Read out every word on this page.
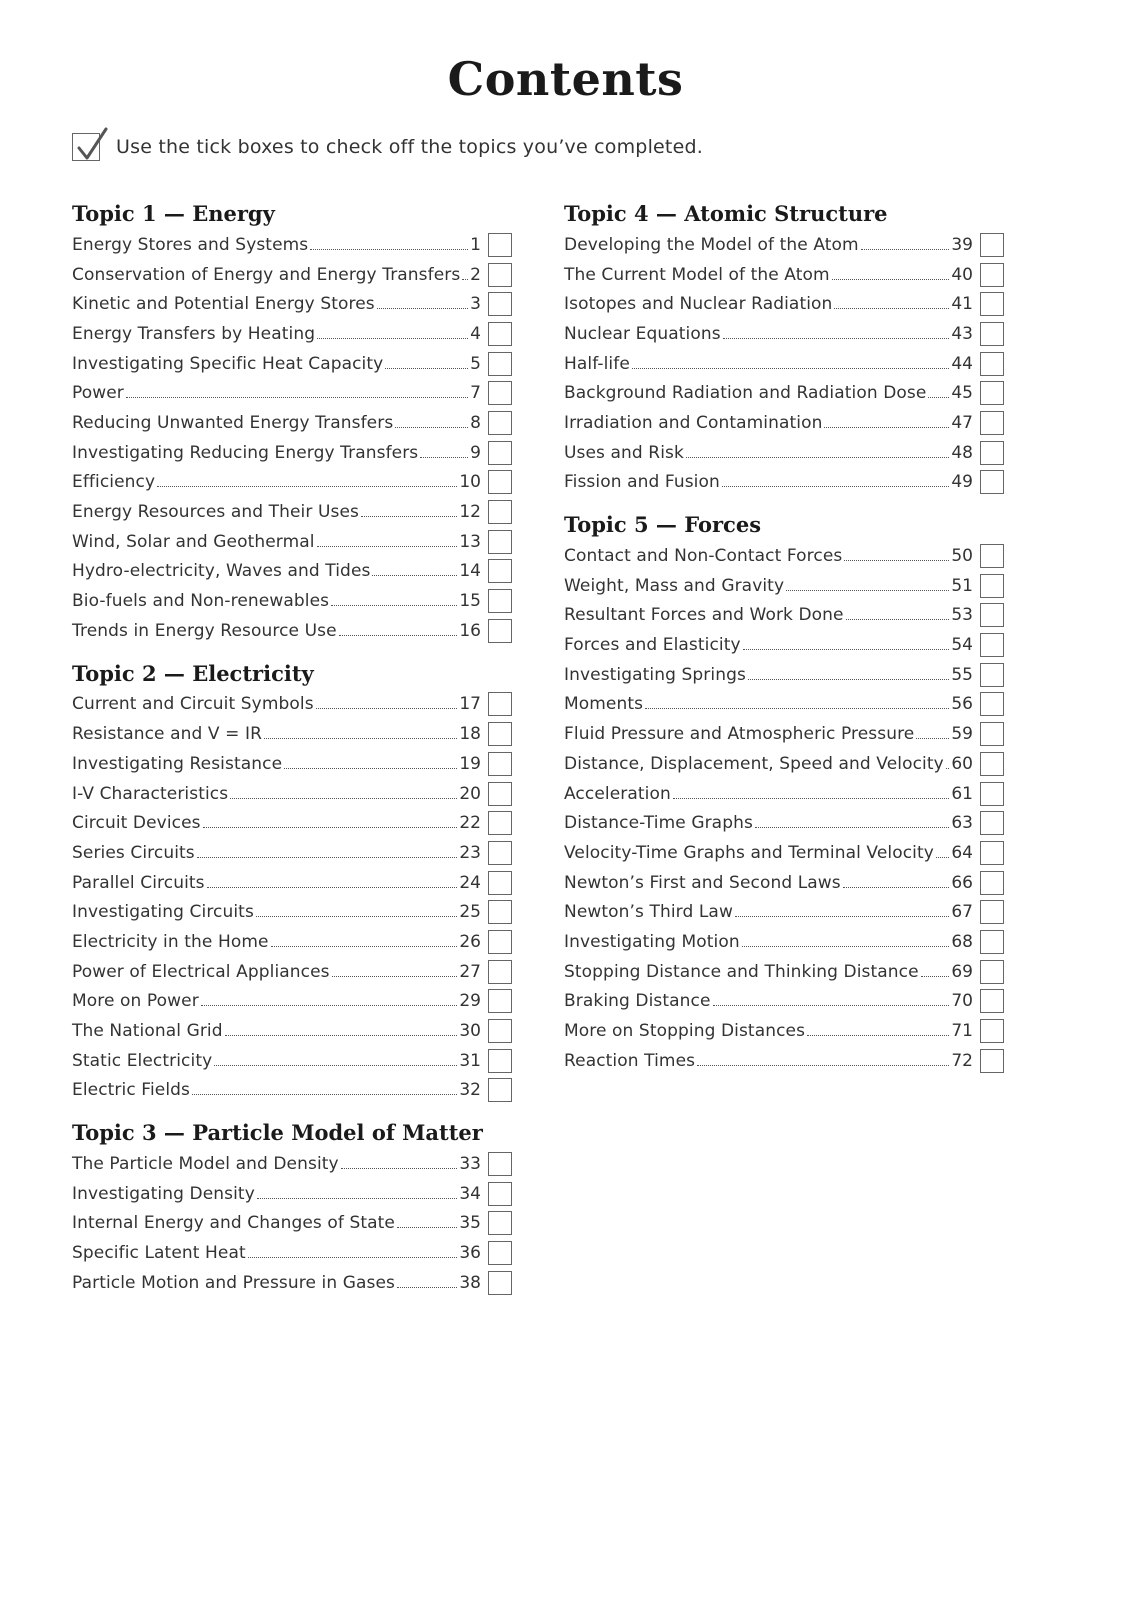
Contents
Use the tick boxes to check off the topics you’ve completed.
Topic 1 — Energy
Energy Stores and Systems	1
Conservation of Energy and Energy Transfers 2
Kinetic and Potential Energy Stores	3
Energy Transfers by Heating	4
Investigating Specific Heat Capacity	5
Power	7
Reducing Unwanted Energy Transfers	8
Investigating Reducing Energy Transfers	9
Efficiency	10
Energy Resources and Their Uses	12
Wind, Solar and Geothermal	13
Hydro-electricity, Waves and Tides	14
Bio-fuels and Non-renewables	15
Trends in Energy Resource Use	16
Topic 2 — Electricity
Current and Circuit Symbols	17
Resistance and V = IR	18
Investigating Resistance	19
I-V Characteristics	20
Circuit Devices	22
Series Circuits	23
Parallel Circuits	24
Investigating Circuits	25
Electricity in the Home	26
Power of Electrical Appliances	27
More on Power	29
The National Grid	30
Static Electricity	31
Electric Fields	32
Topic 3 — Particle Model of Matter
The Particle Model and Density	33
Investigating Density	34
Internal Energy and Changes of State	35
Specific Latent Heat	36
Particle Motion and Pressure in Gases	38
Topic 4 — Atomic Structure
Developing the Model of the Atom	39
The Current Model of the Atom	40
Isotopes and Nuclear Radiation	41
Nuclear Equations	43
Half-life	44
Background Radiation and Radiation Dose 45
Irradiation and Contamination	47
Uses and Risk	48
Fission and Fusion	49
Topic 5 — Forces
Contact and Non-Contact Forces	50
Weight, Mass and Gravity	51
Resultant Forces and Work Done	53
Forces and Elasticity	54
Investigating Springs	55
Moments	56
Fluid Pressure and Atmospheric Pressure 59
Distance, Displacement, Speed and Velocity 60
Acceleration	61
Distance-Time Graphs	63
Velocity-Time Graphs and Terminal Velocity 64
Newton’s First and Second Laws	66
Newton’s Third Law	67
Investigating Motion	68
Stopping Distance and Thinking Distance 69
Braking Distance	70
More on Stopping Distances	71
Reaction Times	72
